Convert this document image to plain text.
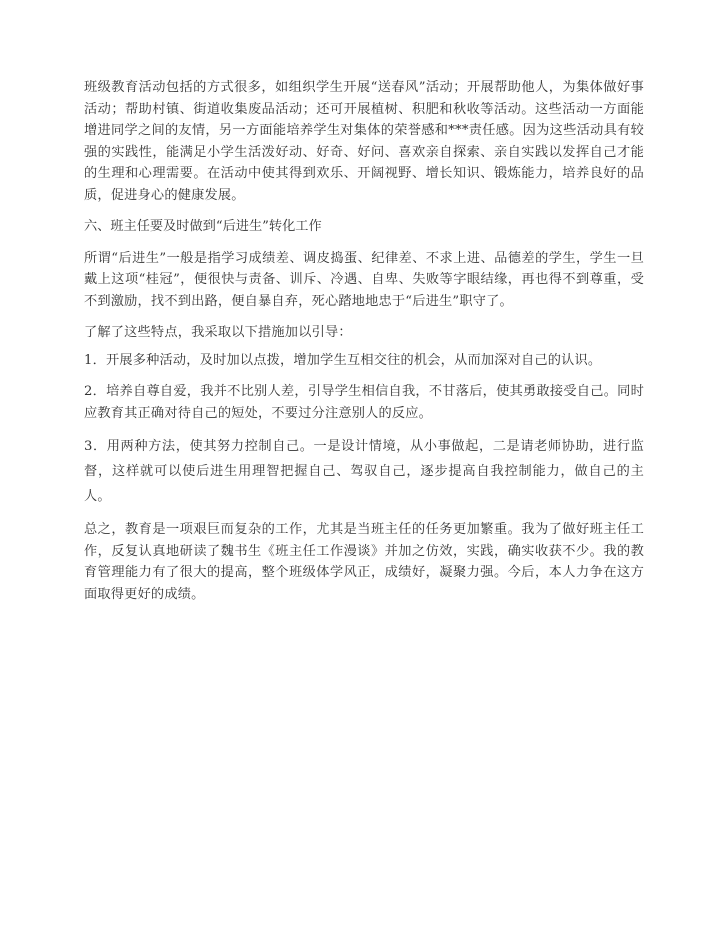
班级教育活动包括的方式很多，如组织学生开展“送春风”活动；开展帮助他人，为集体做好事活动；帮助村镇、街道收集废品活动；还可开展植树、积肥和秋收等活动。这些活动一方面能增进同学之间的友情，另一方面能培养学生对集体的荣誉感和***责任感。因为这些活动具有较强的实践性，能满足小学生活泼好动、好奇、好问、喜欢亲自探索、亲自实践以发挥自己才能的生理和心理需要。在活动中使其得到欢乐、开阔视野、增长知识、锻炼能力，培养良好的品质，促进身心的健康发展。

六、班主任要及时做到“后进生”转化工作

所谓“后进生”一般是指学习成绩差、调皮捣蛋、纪律差、不求上进、品德差的学生，学生一旦戴上这项“桂冠”，便很快与责备、训斥、冷遇、自卑、失败等字眼结缘，再也得不到尊重，受不到激励，找不到出路，便自暴自弃，死心踏地地忠于“后进生”职守了。

了解了这些特点，我采取以下措施加以引导：

1．开展多种活动，及时加以点拨，增加学生互相交往的机会，从而加深对自己的认识。

2．培养自尊自爱，我并不比别人差，引导学生相信自我，不甘落后，使其勇敢接受自己。同时应教育其正确对待自己的短处，不要过分注意别人的反应。

3．用两种方法，使其努力控制自己。一是设计情境，从小事做起，二是请老师协助，进行监督，这样就可以使后进生用理智把握自己、驾驭自己，逐步提高自我控制能力，做自己的主人。

总之，教育是一项艰巨而复杂的工作，尤其是当班主任的任务更加繁重。我为了做好班主任工作，反复认真地研读了魏书生《班主任工作漫谈》并加之仿效，实践，确实收获不少。我的教育管理能力有了很大的提高，整个班级体学风正，成绩好，凝聚力强。今后，本人力争在这方面取得更好的成绩。
